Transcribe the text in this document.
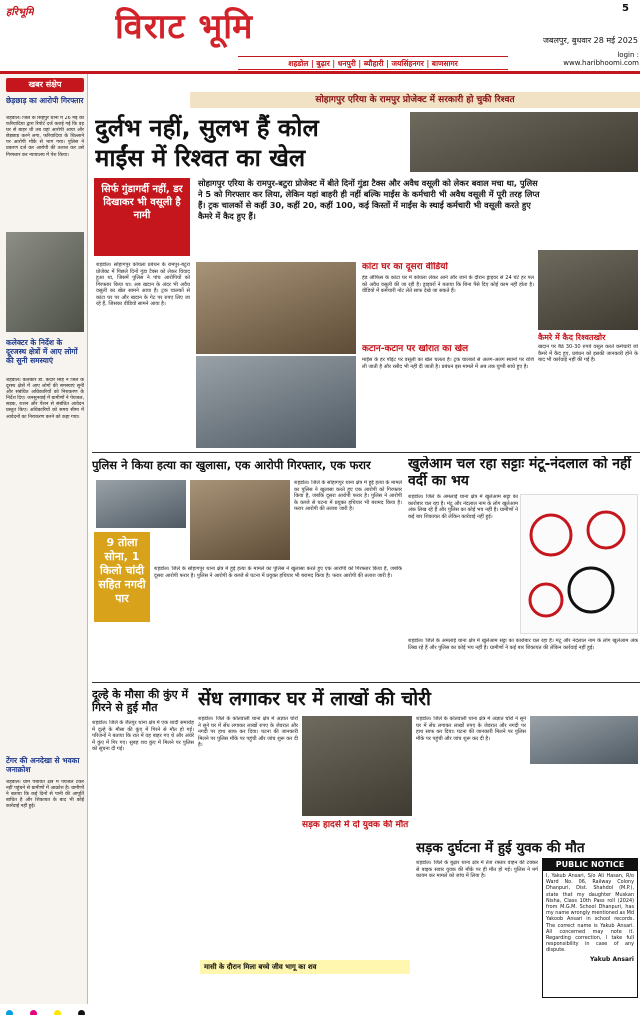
हरिभूमि विराट भूमि	5
जबलपुर, बुधवार 28 मई 2025
login : www.haribhoomi.com
शहडोल | बुढ़ार | धनपुरी | ब्यौहारी | जयसिंहनगर | बाणसागर
खबर संक्षेप
छेड़छाड़ का आरोपी गिरफ्तार
शहडोल। जिले के सिंहपुर थाना में 26 मई को फरियादिया द्वारा रिपोर्ट दर्ज कराई गई कि वह घर से बाहर थी तब वहां आरोपी आया और छेड़छाड़ करने लगा, फरियादिया के चिल्लाने पर आरोपी मौके से भाग गया। पुलिस ने प्रकरण दर्ज कर आरोपी की तलाश कर उसे गिरफ्तार कर न्यायालय में पेश किया।
कलेक्टर के निर्देश के दूरजस्थ क्षेत्रों में आए लोगों की सुनी समस्याएं
शहडोल। कलेक्टर डॉ. केदार सिंह ने जिले के दूरस्थ क्षेत्रों में आए लोगों की समस्याएं सुनीं और संबंधित अधिकारियों को निराकरण के निर्देश दिए। जनसुनवाई में ग्रामीणों ने पेयजल, सड़क, राशन और पेंशन से संबंधित आवेदन प्रस्तुत किए। अधिकारियों को समय सीमा में आवेदनों का निराकरण करने को कहा गया।
टेंगर की अनदेखा से भवका जनाक्रोश
शहडोल। ग्राम पंचायत क्षेत्र में पेयजल टैंकर नहीं पहुंचने से ग्रामीणों में आक्रोश है। ग्रामीणों ने बताया कि कई दिनों से पानी की आपूर्ति बाधित है और शिकायत के बाद भी कोई कार्रवाई नहीं हुई।
सोहागपुर एरिया के रामपुर प्रोजेक्ट में सरकारी हो चुकी रिश्वत
दुर्लभ नहीं, सुलभ हैं कोल
माईंस में रिश्वत का खेल
सिर्फ गुंडागर्दी नहीं, डर दिखाकर भी वसूली है नामी
सोहागपुर एरिया के रामपुर-बटुरा प्रोजेक्ट में बीते दिनों गुंडा टैक्स और अवैध वसूली को लेकर बवाल मचा था, पुलिस ने 5 को गिरफ्तार कर लिया, लेकिन यहां बाहरी ही नहीं बल्कि माईंस के कर्मचारी भी अवैध वसूली में पूरी तरह लिप्त हैं। ट्रक चालकों से कहीं 30, कहीं 20, कहीं 100, कई किस्तों में माईंस के स्थाई कर्मचारी भी वसूली करते हुए कैमरे में कैद हुए हैं।
शहडोल। सोहागपुर कोयला प्रबंधन के रामपुर-बटुरा प्रोजेक्ट में पिछले दिनों गुंडा टैक्स को लेकर विवाद हुआ था, जिसमें पुलिस ने पांच आरोपियों को गिरफ्तार किया था। अब खदान के अंदर भी अवैध वसूली का खेल सामने आया है। ट्रक चालकों से कांटा घर पर और खदान के गेट पर रुपए लिए जा रहे हैं, जिसका वीडियो सामने आया है।
कांटा घर का दूसरा वीडियो
हेड ऑफिस के कांटा घर में कोयला लेकर आने और जाने के दौरान ड्राइवर से 24 घंटे हर पल को अवैध वसूली की जा रही है। ड्राइवरों ने बताया कि बिना पैसे दिए कोई काम नहीं होता है। वीडियो में कर्मचारी नोट लेते साफ देखे जा सकते हैं।
कटान-कटान पर खोरात का खेल
माईंस के हर पॉइंट पर वसूली का खेल चलता है। ट्रक चालकों से अलग-अलग स्थानों पर राशि ली जाती है और रसीद भी नहीं दी जाती है। प्रबंधन इस मामले में अब तक चुप्पी साधे हुए है।
कैमरे में कैद रिश्वतखोर
खदान पर बैठे 30-30 रुपये वसूल करते कर्मचारी जो कैमरे में कैद हुए, प्रबंधन को इसकी जानकारी होने के बाद भी कार्रवाई नहीं की गई है।
पुलिस ने किया हत्या का खुलासा, एक आरोपी गिरफ्तार, एक फरार
शहडोल। जिले के सोहागपुर थाना क्षेत्र में हुई हत्या के मामले का पुलिस ने खुलासा करते हुए एक आरोपी को गिरफ्तार किया है, जबकि दूसरा आरोपी फरार है। पुलिस ने आरोपी के कब्जे से घटना में प्रयुक्त हथियार भी बरामद किया है। फरार आरोपी की तलाश जारी है।
9 तोला सोना, 1 किलो चांदी सहित नगदी पार
शहडोल। जिले के सोहागपुर थाना क्षेत्र में हुई हत्या के मामले का पुलिस ने खुलासा करते हुए एक आरोपी को गिरफ्तार किया है, जबकि दूसरा आरोपी फरार है। पुलिस ने आरोपी के कब्जे से घटना में प्रयुक्त हथियार भी बरामद किया है। फरार आरोपी की तलाश जारी है।
खुलेआम चल रहा सट्टाः मंटू-नंदलाल को नहीं वर्दी का भय
शहडोल। जिले के अमलाई थाना क्षेत्र में खुलेआम सट्टा का कारोबार चल रहा है। मंटू और नंदलाल नाम के लोग खुलेआम अंक लिख रहे हैं और पुलिस का कोई भय नहीं है। ग्रामीणों ने कई बार शिकायत की लेकिन कार्रवाई नहीं हुई।
शहडोल। जिले के अमलाई थाना क्षेत्र में खुलेआम सट्टा का कारोबार चल रहा है। मंटू और नंदलाल नाम के लोग खुलेआम अंक लिख रहे हैं और पुलिस का कोई भय नहीं है। ग्रामीणों ने कई बार शिकायत की लेकिन कार्रवाई नहीं हुई।
सेंध लगाकर घर में लाखों की चोरी
शहडोल। जिले के कोतवाली थाना क्षेत्र में अज्ञात चोरों ने सूने घर में सेंध लगाकर लाखों रुपए के जेवरात और नगदी पर हाथ साफ कर दिया। घटना की जानकारी मिलने पर पुलिस मौके पर पहुंची और जांच शुरू कर दी है।
शहडोल। जिले के कोतवाली थाना क्षेत्र में अज्ञात चोरों ने सूने घर में सेंध लगाकर लाखों रुपए के जेवरात और नगदी पर हाथ साफ कर दिया। घटना की जानकारी मिलने पर पुलिस मौके पर पहुंची और जांच शुरू कर दी है।
सड़क हादसे में दो युवक की मौत
दूल्हे के मौसा की कुंए में गिरने से हुई मौत
शहडोल। जिले के जैतपुर थाना क्षेत्र में एक शादी समारोह में दूल्हे के मौसा की कुंए में गिरने से मौत हो गई। परिजनों ने बताया कि रात में वह बाहर गए थे और अंधेरे में कुंए में गिर गए। सुबह शव कुंए में मिलने पर पुलिस को सूचना दी गई।
सड़क दुर्घटना में हुई युवक की मौत
शहडोल। जिले के बुढ़ार थाना क्षेत्र में तेज रफ्तार वाहन की टक्कर से बाइक सवार युवक की मौके पर ही मौत हो गई। पुलिस ने मर्ग कायम कर मामले को जांच में लिया है।
मासी के दौरान मिला बच्चे जीव भागू का शव
PUBLIC NOTICE
I, Yakub Ansari, S/o Ali Hasan, R/o Ward No. 06, Railway Colony Dhanpuri, Dist. Shahdol (M.P.), state that my daughter Muskan Nisha, Class 10th Pass roll (2024) from M.G.M. School Dhanpuri, has my name wrongly mentioned as Md Yakoob Ansari in school records. The correct name is Yakub Ansari. All concerned may note it. Regarding correction, I take full responsibility in case of any dispute.
Yakub Ansari
